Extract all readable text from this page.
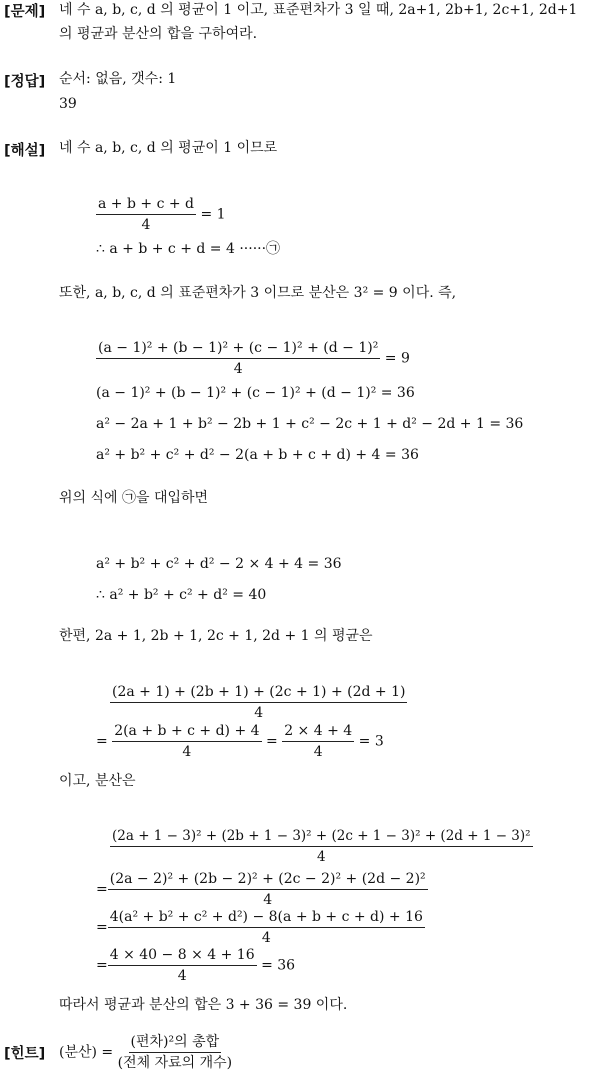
[문제] 네 수 a, b, c, d 의 평균이 1 이고, 표준편차가 3 일 때, 2a+1, 2b+1, 2c+1, 2d+1
의 평균과 분산의 합을 구하여라.
[정답] 순서: 없음, 갯수: 1
39
[해설] 네 수 a, b, c, d 의 평균이 1 이므로
$\frac{a + b + c + d}{4} = 1$
∴ a + b + c + d = 4 ······㉠
또한, a, b, c, d 의 표준편차가 3 이므로 분산은 3² = 9 이다. 즉,
$\frac{\text{(a − 1)² + (b − 1)² + (c − 1)² + (d − 1)²}}{4} = 9$
(a − 1)² + (b − 1)² + (c − 1)² + (d − 1)² = 36
a² − 2a + 1 + b² − 2b + 1 + c² − 2c + 1 + d² − 2d + 1 = 36
a² + b² + c² + d² − 2(a + b + c + d) + 4 = 36
위의 식에 ㉠을 대입하면
a² + b² + c² + d² − 2 × 4 + 4 = 36
∴ a² + b² + c² + d² = 40
한편, 2a + 1, 2b + 1, 2c + 1, 2d + 1 의 평균은
$\frac{(2a + 1) + (2b + 1) + (2c + 1) + (2d + 1)}{4}$
= $\frac{2(a + b + c + d) + 4}{4} = \frac{2 \times 4 + 4}{4} = 3$
이고, 분산은
(2a + 1 − 3)² + (2b + 1 − 3)² + (2c + 1 − 3)² + (2d + 1 − 3)²
4
= $\frac{\text{(2a − 2)² + (2b − 2)² + (2c − 2)² + (2d − 2)²}}{4}$
= $\frac{\text{4(a² + b² + c² + d²) − 8(a + b + c + d) + 16}}{4}$
= $\frac{4 \times 40 - 8 \times 4 + 16}{4} = 36$
따라서 평균과 분산의 합은 3 + 36 = 39 이다.
[힌트] (분산) = $\frac{\text{(편차)²의 총합}}{\text{(전체 자료의 개수)}}$
